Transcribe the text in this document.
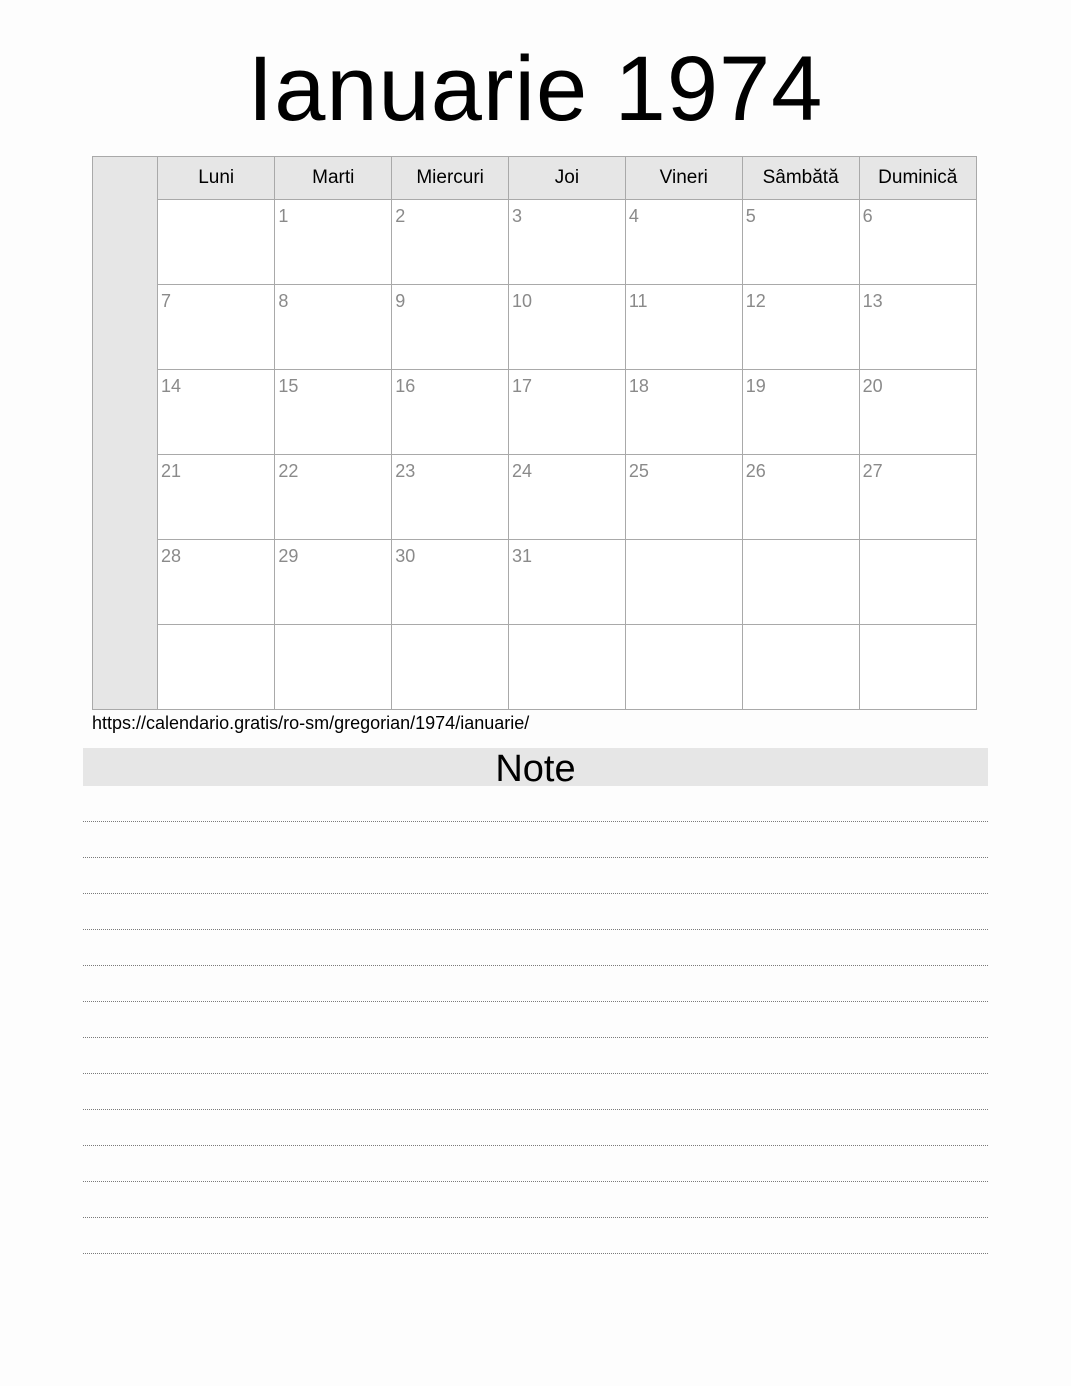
Ianuarie 1974
Luni	Marti	Miercuri	Joi	Vineri	Sâmbătă	Duminică

	1	2	3	4	5	6

7	8	9	10	11	12	13

14	15	16	17	18	19	20

21	22	23	24	25	26	27

28	29	30	31			

https://calendario.gratis/ro-sm/gregorian/1974/ianuarie/
Note
